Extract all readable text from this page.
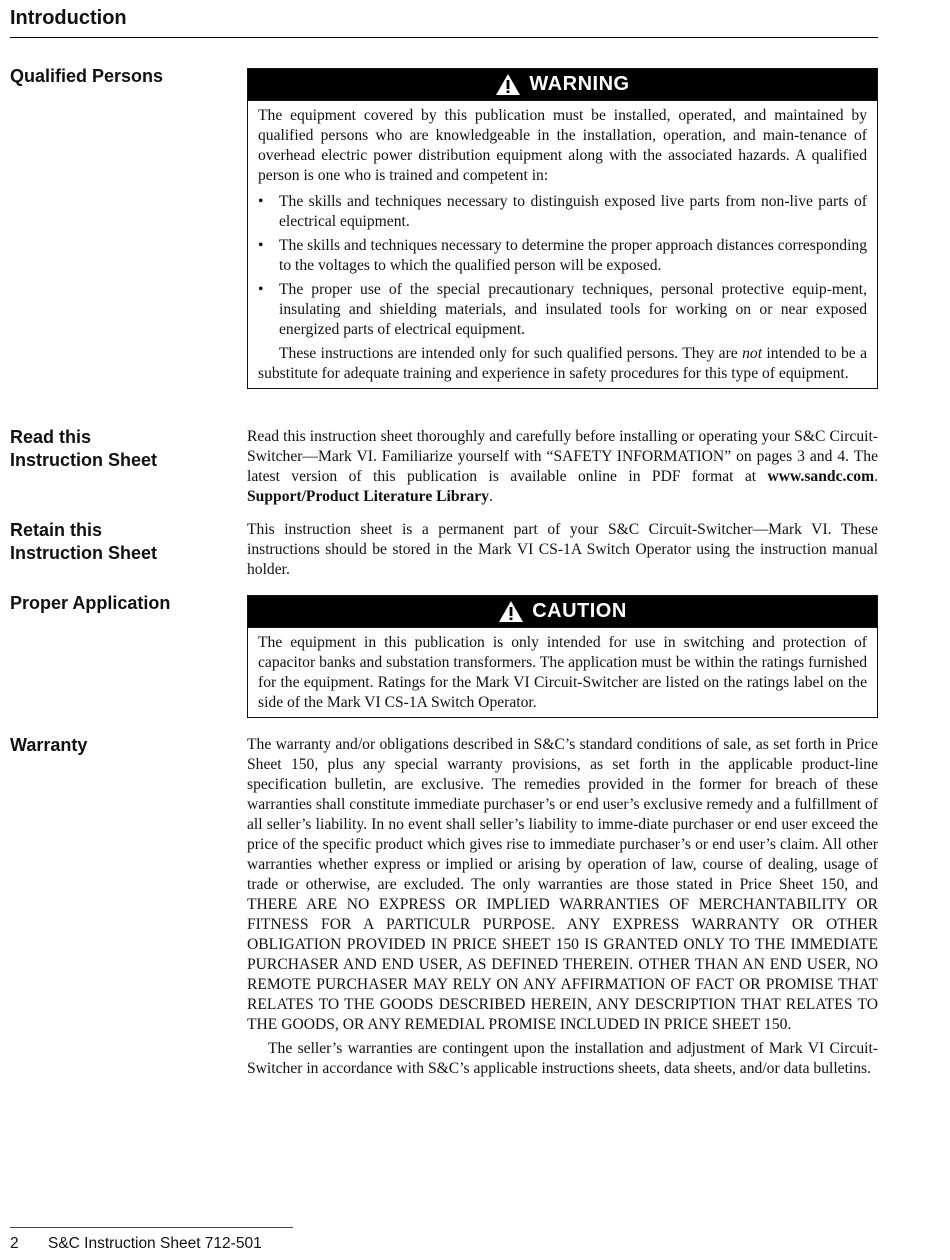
Introduction
Qualified Persons	WARNING

The equipment covered by this publication must be installed, operated, and maintained by qualified persons who are knowledgeable in the installation, operation, and main-tenance of overhead electric power distribution equipment along with the associated hazards. A qualified person is one who is trained and competent in:

• The skills and techniques necessary to distinguish exposed live parts from non-live parts of electrical equipment.
• The skills and techniques necessary to determine the proper approach distances corresponding to the voltages to which the qualified person will be exposed.
• The proper use of the special precautionary techniques, personal protective equip-ment, insulating and shielding materials, and insulated tools for working on or near exposed energized parts of electrical equipment.

These instructions are intended only for such qualified persons. They are not intended to be a substitute for adequate training and experience in safety procedures for this type of equipment.

Read this
Instruction Sheet

Read this instruction sheet thoroughly and carefully before installing or operating your S&C Circuit-Switcher—Mark VI. Familiarize yourself with “SAFETY INFORMATION” on pages 3 and 4. The latest version of this publication is available online in PDF format at www.sandc.com. Support/Product Literature Library.

Retain this
Instruction Sheet

This instruction sheet is a permanent part of your S&C Circuit-Switcher—Mark VI. These instructions should be stored in the Mark VI CS-1A Switch Operator using the instruction manual holder.

Proper Application	CAUTION

The equipment in this publication is only intended for use in switching and protection of capacitor banks and substation transformers. The application must be within the ratings furnished for the equipment. Ratings for the Mark VI Circuit-Switcher are listed on the ratings label on the side of the Mark VI CS-1A Switch Operator.

Warranty	The warranty and/or obligations described in S&C’s standard conditions of sale, as set forth in Price Sheet 150, plus any special warranty provisions, as set forth in the applicable product-line specification bulletin, are exclusive. The remedies provided in the former for breach of these warranties shall constitute immediate purchaser’s or end user’s exclusive remedy and a fulfillment of all seller’s liability. In no event shall seller’s liability to imme-diate purchaser or end user exceed the price of the specific product which gives rise to immediate purchaser’s or end user’s claim. All other warranties whether express or implied or arising by operation of law, course of dealing, usage of trade or otherwise, are excluded. The only warranties are those stated in Price Sheet 150, and THERE ARE NO EXPRESS OR IMPLIED WARRANTIES OF MERCHANTABILITY OR FITNESS FOR A PARTICULR PURPOSE. ANY EXPRESS WARRANTY OR OTHER OBLIGATION PROVIDED IN PRICE SHEET 150 IS GRANTED ONLY TO THE IMMEDIATE PURCHASER AND END USER, AS DEFINED THEREIN. OTHER THAN AN END USER, NO REMOTE PURCHASER MAY RELY ON ANY AFFIRMATION OF FACT OR PROMISE THAT RELATES TO THE GOODS DESCRIBED HEREIN, ANY DESCRIPTION THAT RELATES TO THE GOODS, OR ANY REMEDIAL PROMISE INCLUDED IN PRICE SHEET 150.

The seller’s warranties are contingent upon the installation and adjustment of Mark VI Circuit-Switcher in accordance with S&C’s applicable instructions sheets, data sheets, and/or data bulletins.

2 S&C Instruction Sheet 712-501
